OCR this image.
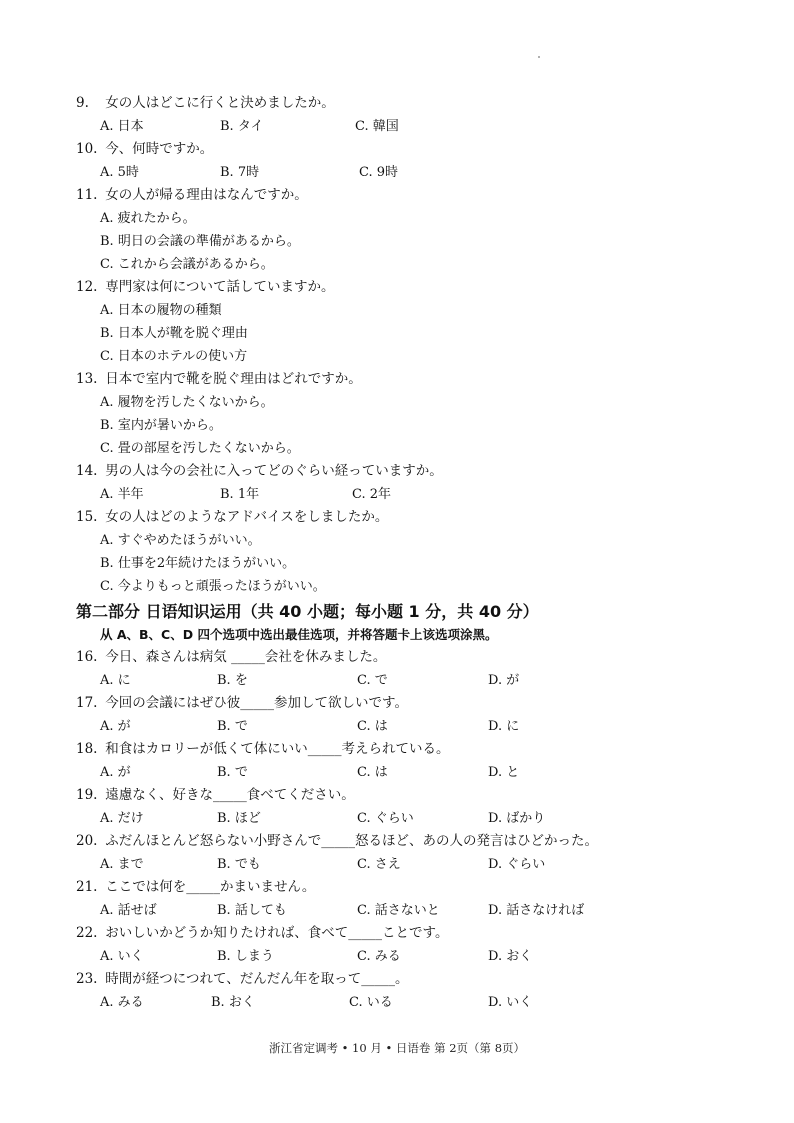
9. 女の人はどこに行くと決めましたか。
A. 日本	B. タイ	C. 韓国
10. 今、何時ですか。
A. 5時	B. 7時	C. 9時
11. 女の人が帰る理由はなんですか。
A. 疲れたから。
B. 明日の会議の準備があるから。
C. これから会議があるから。
12. 専門家は何について話していますか。
A. 日本の履物の種類
B. 日本人が靴を脱ぐ理由
C. 日本のホテルの使い方
13. 日本で室内で靴を脱ぐ理由はどれですか。
A. 履物を汚したくないから。
B. 室内が暑いから。
C. 畳の部屋を汚したくないから。
14. 男の人は今の会社に入ってどのぐらい経っていますか。
A. 半年	B. 1年	C. 2年
15. 女の人はどのようなアドバイスをしましたか。
A. すぐやめたほうがいい。
B. 仕事を2年続けたほうがいい。
C. 今よりもっと頑張ったほうがいい。
第二部分 日语知识运用（共 40 小题；每小题 1 分，共 40 分）
从 A、B、C、D 四个选项中选出最佳选项，并将答题卡上该选项涂黑。
16. 今日、森さんは病気 _____会社を休みました。
A. に	B. を	C. で	D. が
17. 今回の会議にはぜひ彼_____参加して欲しいです。
A. が	B. で	C. は	D. に
18. 和食はカロリーが低くて体にいい_____考えられている。
A. が	B. で	C. は	D. と
19. 遠慮なく、好きな_____食べてください。
A. だけ	B. ほど	C. ぐらい	D. ばかり
20. ふだんほとんど怒らない小野さんで_____怒るほど、あの人の発言はひどかった。
A. まで	B. でも	C. さえ	D. ぐらい
21. ここでは何を_____かまいません。
A. 話せば	B. 話しても	C. 話さないと	D. 話さなければ
22. おいしいかどうか知りたければ、食べて_____ことです。
A. いく	B. しまう	C. みる	D. おく
23. 時間が経つにつれて、だんだん年を取って_____。
A. みる	B. おく	C. いる	D. いく
浙江省定调考 • 10 月 • 日语卷 第 2页（第 8页）
